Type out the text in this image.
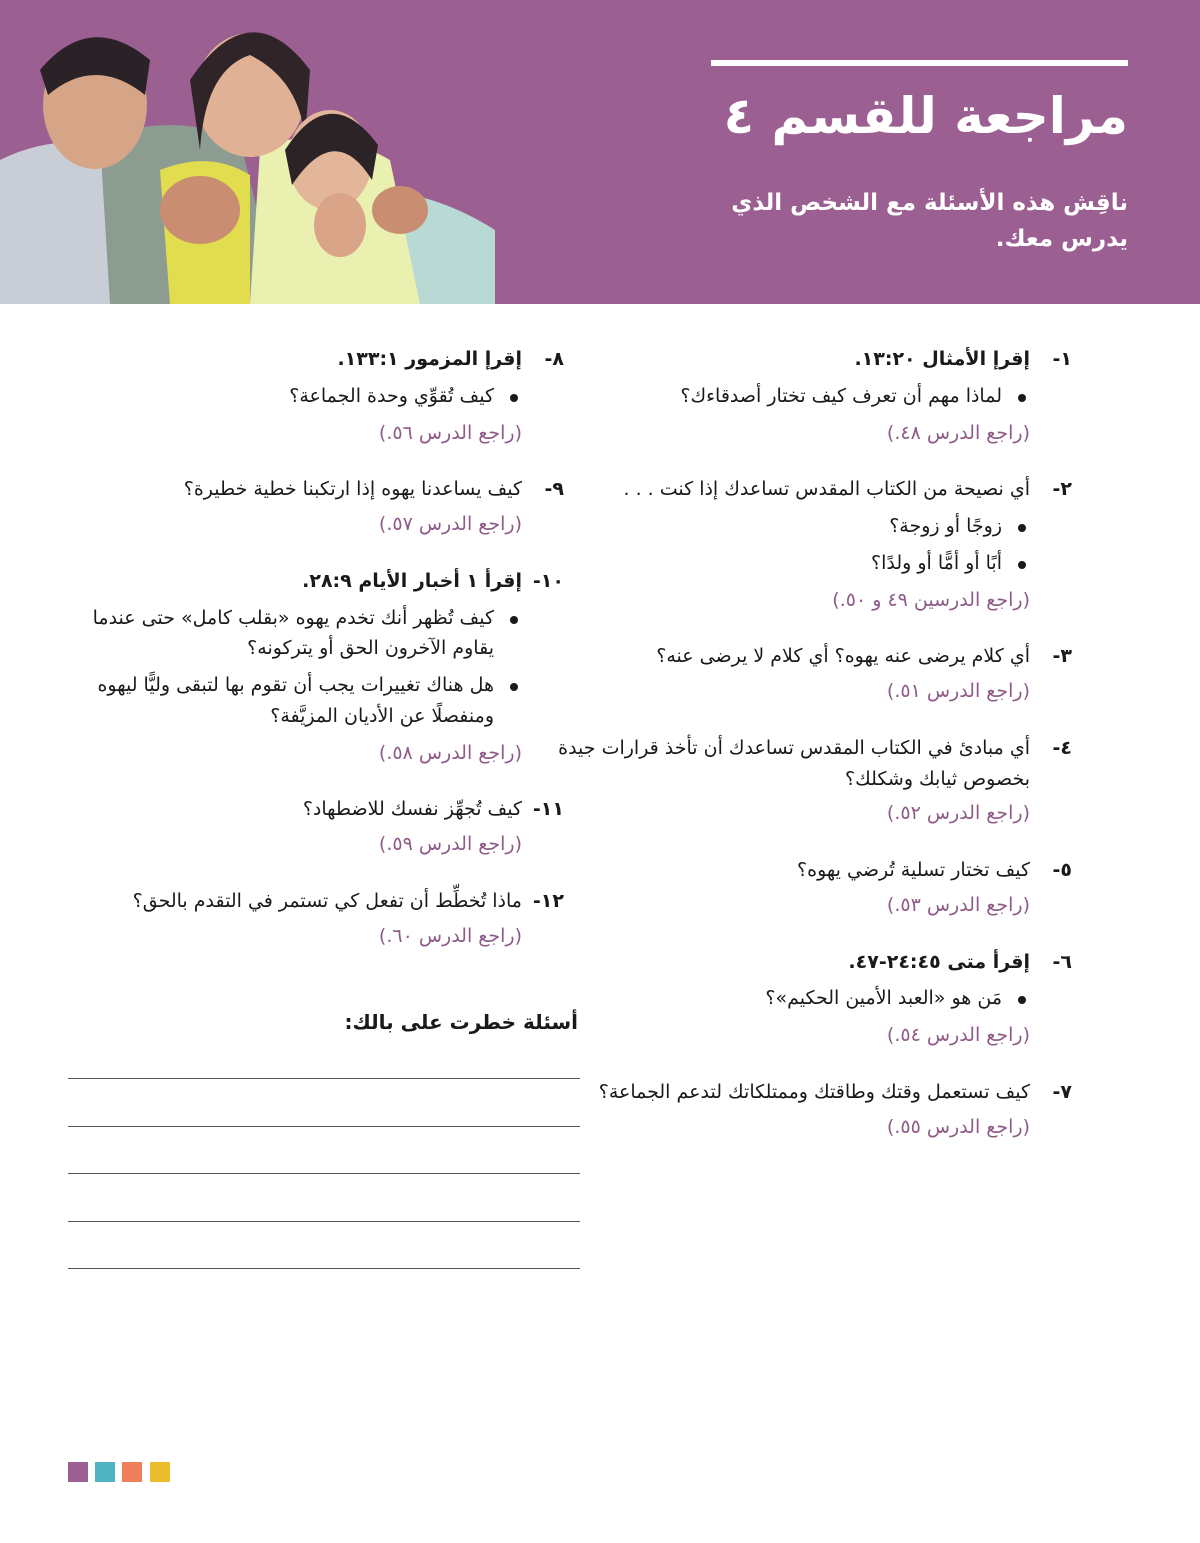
مراجعة للقسم ٤
ناقِش هذه الأسئلة مع الشخص الذي يدرس معك.
١-
إقرإ الأمثال ١٣:٢٠.
لماذا مهم أن تعرف كيف تختار أصدقاءك؟
(راجع الدرس ٤٨.)
٢-
أي نصيحة من الكتاب المقدس تساعدك إذا كنت . . .
زوجًا أو زوجة؟
أبًا أو أمًّا أو ولدًا؟
(راجع الدرسين ٤٩ و ٥٠.)
٣-
أي كلام يرضى عنه يهوه؟ أي كلام لا يرضى عنه؟
(راجع الدرس ٥١.)
٤-
أي مبادئ في الكتاب المقدس تساعدك أن تأخذ قرارات جيدة بخصوص ثيابك وشكلك؟
(راجع الدرس ٥٢.)
٥-
كيف تختار تسلية تُرضي يهوه؟
(راجع الدرس ٥٣.)
٦-
إقرأ متى ٢٤:٤٥-٤٧.
مَن هو «العبد الأمين الحكيم»؟
(راجع الدرس ٥٤.)
٧-
كيف تستعمل وقتك وطاقتك وممتلكاتك لتدعم الجماعة؟
(راجع الدرس ٥٥.)
٨-
إقرإ المزمور ١٣٣:١.
كيف تُقوِّي وحدة الجماعة؟
(راجع الدرس ٥٦.)
٩-
كيف يساعدنا يهوه إذا ارتكبنا خطية خطيرة؟
(راجع الدرس ٥٧.)
١٠-
إقرأ ١ أخبار الأيام ٢٨:٩.
كيف تُظهر أنك تخدم يهوه «بقلب كامل» حتى عندما يقاوم الآخرون الحق أو يتركونه؟
هل هناك تغييرات يجب أن تقوم بها لتبقى وليًّا ليهوه ومنفصلًا عن الأديان المزيَّفة؟
(راجع الدرس ٥٨.)
١١-
كيف تُجهِّز نفسك للاضطهاد؟
(راجع الدرس ٥٩.)
١٢-
ماذا تُخطِّط أن تفعل كي تستمر في التقدم بالحق؟
(راجع الدرس ٦٠.)
أسئلة خطرت على بالك:
